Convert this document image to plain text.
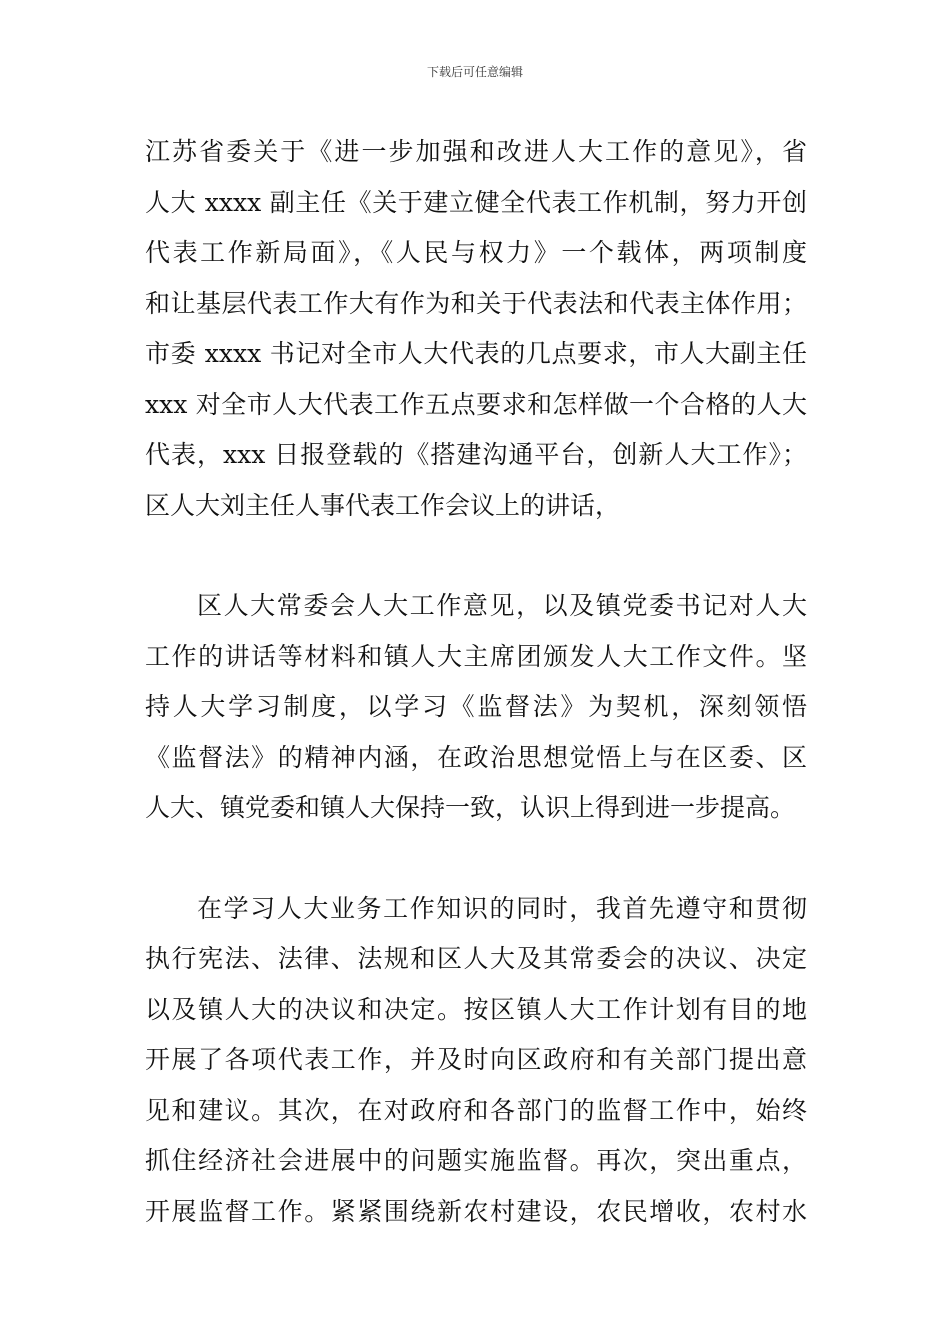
下载后可任意编辑
江苏省委关于《进一步加强和改进人大工作的意见》，省
人大 xxxx 副主任《关于建立健全代表工作机制，努力开创
代表工作新局面》，《人民与权力》一个载体，两项制度
和让基层代表工作大有作为和关于代表法和代表主体作用；
市委 xxxx 书记对全市人大代表的几点要求，市人大副主任
xxx 对全市人大代表工作五点要求和怎样做一个合格的人大
代表，xxx 日报登载的《搭建沟通平台，创新人大工作》；
区人大刘主任人事代表工作会议上的讲话，
区人大常委会人大工作意见，以及镇党委书记对人大
工作的讲话等材料和镇人大主席团颁发人大工作文件。坚
持人大学习制度，以学习《监督法》为契机，深刻领悟
《监督法》的精神内涵，在政治思想觉悟上与在区委、区
人大、镇党委和镇人大保持一致，认识上得到进一步提高。
在学习人大业务工作知识的同时，我首先遵守和贯彻
执行宪法、法律、法规和区人大及其常委会的决议、决定
以及镇人大的决议和决定。按区镇人大工作计划有目的地
开展了各项代表工作，并及时向区政府和有关部门提出意
见和建议。其次，在对政府和各部门的监督工作中，始终
抓住经济社会进展中的问题实施监督。再次，突出重点，
开展监督工作。紧紧围绕新农村建设，农民增收，农村水
